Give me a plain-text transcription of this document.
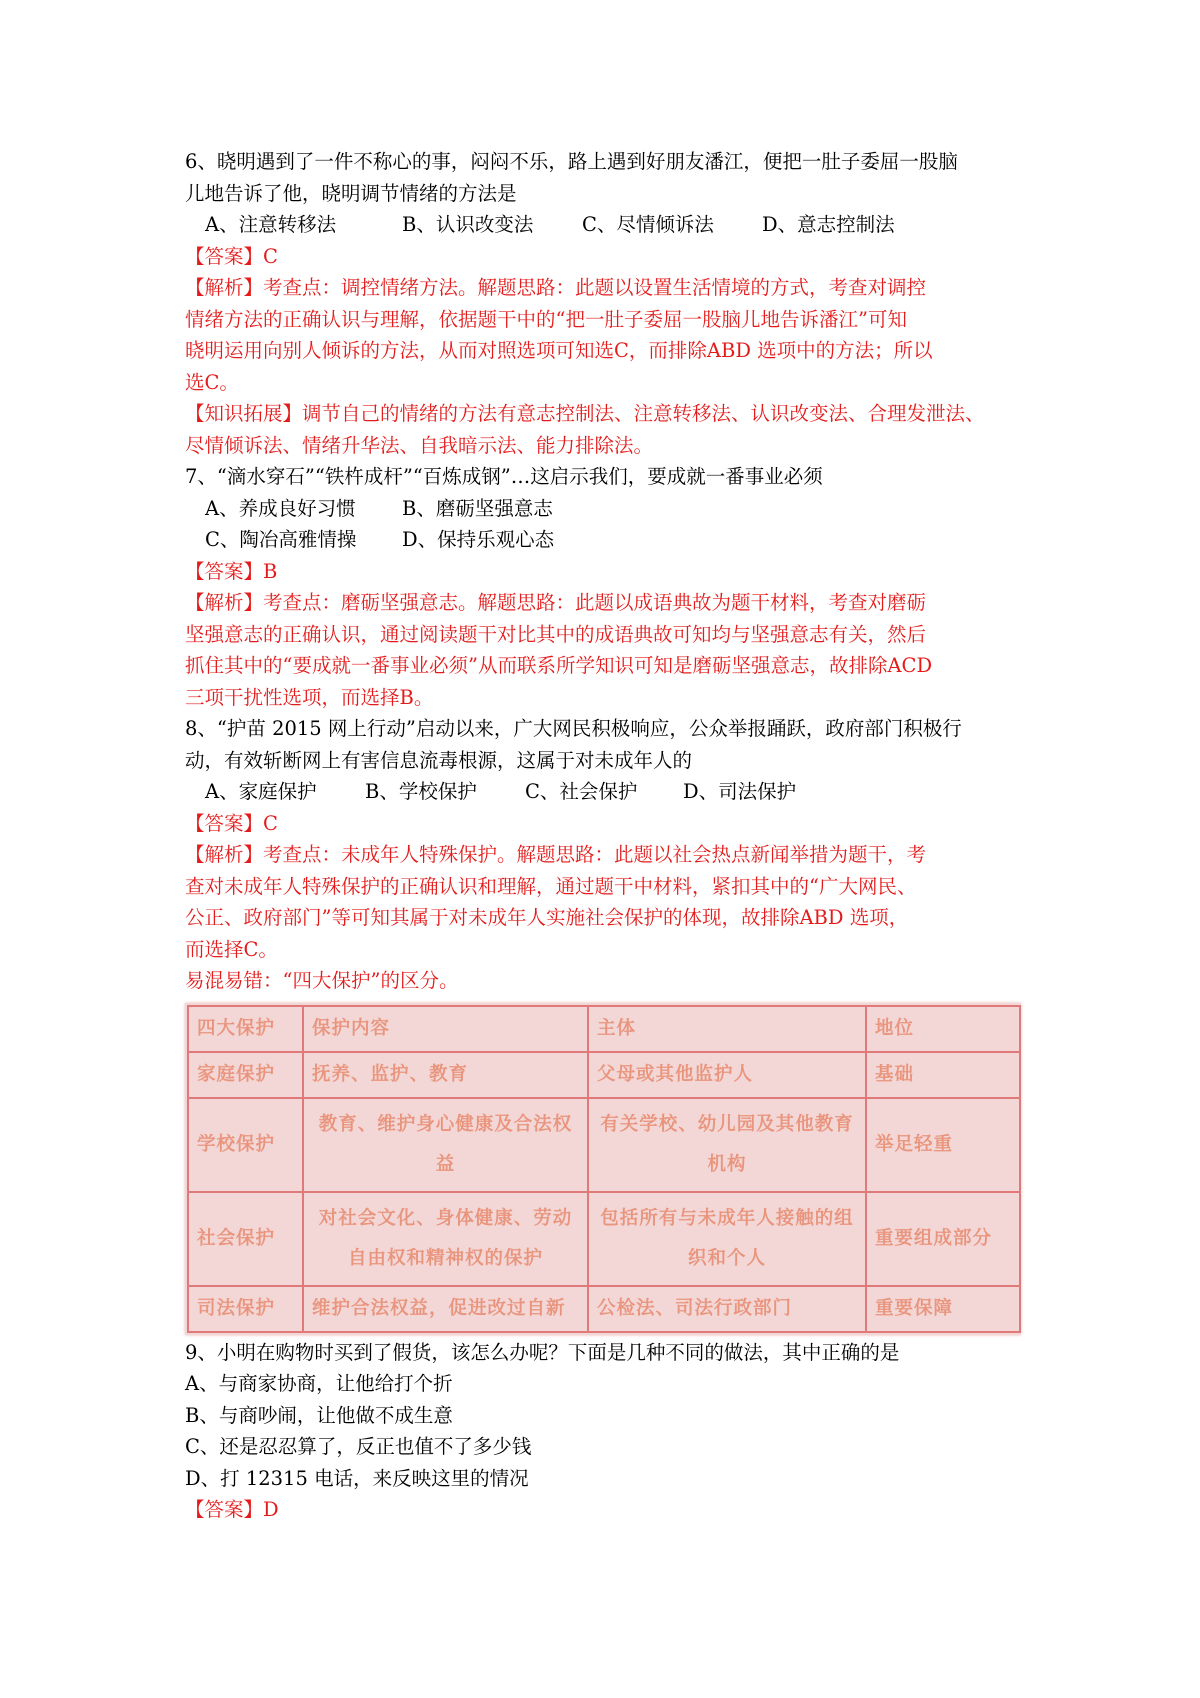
6、晓明遇到了一件不称心的事，闷闷不乐，路上遇到好朋友潘江，便把一肚子委屈一股脑
儿地告诉了他，晓明调节情绪的方法是
A、注意转移法	B、认识改变法 C、尽情倾诉法 D、意志控制法
【答案】C
【解析】考查点：调控情绪方法。解题思路：此题以设置生活情境的方式，考查对调控
情绪方法的正确认识与理解，依据题干中的“把一肚子委屈一股脑儿地告诉潘江”可知
晓明运用向别人倾诉的方法，从而对照选项可知选C，而排除ABD 选项中的方法；所以
选C。
【知识拓展】调节自己的情绪的方法有意志控制法、注意转移法、认识改变法、合理发泄法、
尽情倾诉法、情绪升华法、自我暗示法、能力排除法。
7、“滴水穿石”“铁杵成杆”“百炼成钢”…这启示我们，要成就一番事业必须
A、养成良好习惯 B、磨砺坚强意志
C、陶冶高雅情操 D、保持乐观心态
【答案】B
【解析】考查点：磨砺坚强意志。解题思路：此题以成语典故为题干材料，考查对磨砺
坚强意志的正确认识，通过阅读题干对比其中的成语典故可知均与坚强意志有关，然后
抓住其中的“要成就一番事业必须”从而联系所学知识可知是磨砺坚强意志，故排除ACD
三项干扰性选项，而选择B。
8、“护苗 2015 网上行动”启动以来，广大网民积极响应，公众举报踊跃，政府部门积极行
动，有效斩断网上有害信息流毒根源，这属于对未成年人的
A、家庭保护 B、学校保护 C、社会保护 D、司法保护
【答案】C
【解析】考查点：未成年人特殊保护。解题思路：此题以社会热点新闻举措为题干，考
查对未成年人特殊保护的正确认识和理解，通过题干中材料，紧扣其中的“广大网民、
公正、政府部门”等可知其属于对未成年人实施社会保护的体现，故排除ABD 选项，
而选择C。
易混易错：“四大保护”的区分。
四大保护	保护内容	主体	地位
家庭保护	抚养、监护、教育	父母或其他监护人	基础
学校保护	教育、维护身心健康及合法权益	有关学校、幼儿园及其他教育机构	举足轻重
社会保护	对社会文化、身体健康、劳动自由权和精神权的保护	包括所有与未成年人接触的组织和个人	重要组成部分
司法保护	维护合法权益，促进改过自新	公检法、司法行政部门	重要保障
9、小明在购物时买到了假货，该怎么办呢？下面是几种不同的做法，其中正确的是
A、与商家协商，让他给打个折
B、与商吵闹，让他做不成生意
C、还是忍忍算了，反正也值不了多少钱
D、打 12315 电话，来反映这里的情况
【答案】D
